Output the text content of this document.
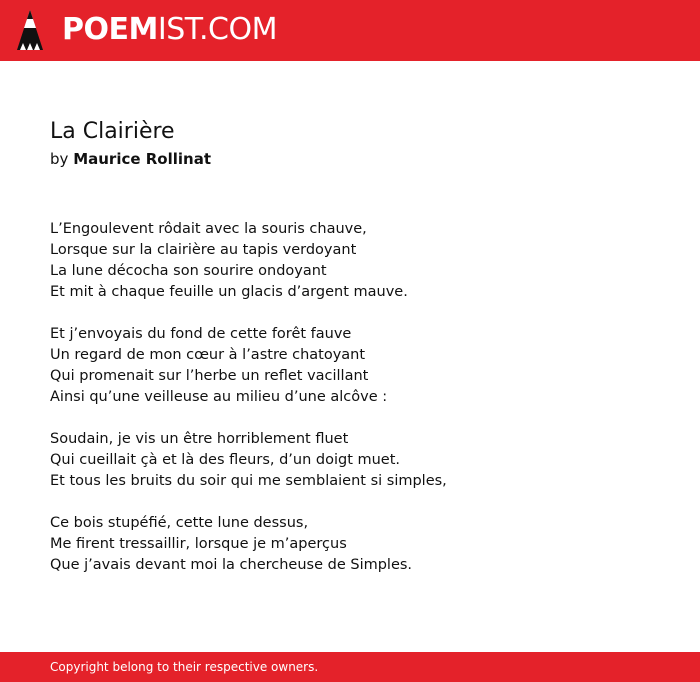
POEMIST.COM
La Clairière
by Maurice Rollinat
L’Engoulevent rôdait avec la souris chauve,
Lorsque sur la clairière au tapis verdoyant
La lune décocha son sourire ondoyant
Et mit à chaque feuille un glacis d’argent mauve.
Et j’envoyais du fond de cette forêt fauve
Un regard de mon cœur à l’astre chatoyant
Qui promenait sur l’herbe un reflet vacillant
Ainsi qu’une veilleuse au milieu d’une alcôve :
Soudain, je vis un être horriblement fluet
Qui cueillait çà et là des fleurs, d’un doigt muet.
Et tous les bruits du soir qui me semblaient si simples,
Ce bois stupéfié, cette lune dessus,
Me firent tressaillir, lorsque je m’aperçus
Que j’avais devant moi la chercheuse de Simples.
Copyright belong to their respective owners.
